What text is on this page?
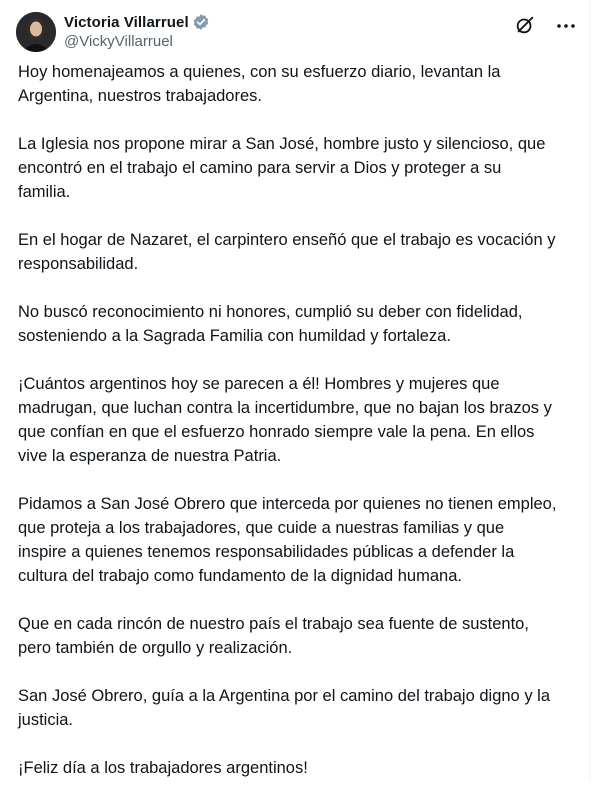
Victoria Villarruel
@VickyVillarruel

Hoy homenajeamos a quienes, con su esfuerzo diario, levantan la
Argentina, nuestros trabajadores.

La Iglesia nos propone mirar a San José, hombre justo y silencioso, que
encontró en el trabajo el camino para servir a Dios y proteger a su
familia.

En el hogar de Nazaret, el carpintero enseñó que el trabajo es vocación y
responsabilidad.

No buscó reconocimiento ni honores, cumplió su deber con fidelidad,
sosteniendo a la Sagrada Familia con humildad y fortaleza.

¡Cuántos argentinos hoy se parecen a él! Hombres y mujeres que
madrugan, que luchan contra la incertidumbre, que no bajan los brazos y
que confían en que el esfuerzo honrado siempre vale la pena. En ellos
vive la esperanza de nuestra Patria.

Pidamos a San José Obrero que interceda por quienes no tienen empleo,
que proteja a los trabajadores, que cuide a nuestras familias y que
inspire a quienes tenemos responsabilidades públicas a defender la
cultura del trabajo como fundamento de la dignidad humana.

Que en cada rincón de nuestro país el trabajo sea fuente de sustento,
pero también de orgullo y realización.

San José Obrero, guía a la Argentina por el camino del trabajo digno y la
justicia.

¡Feliz día a los trabajadores argentinos!
